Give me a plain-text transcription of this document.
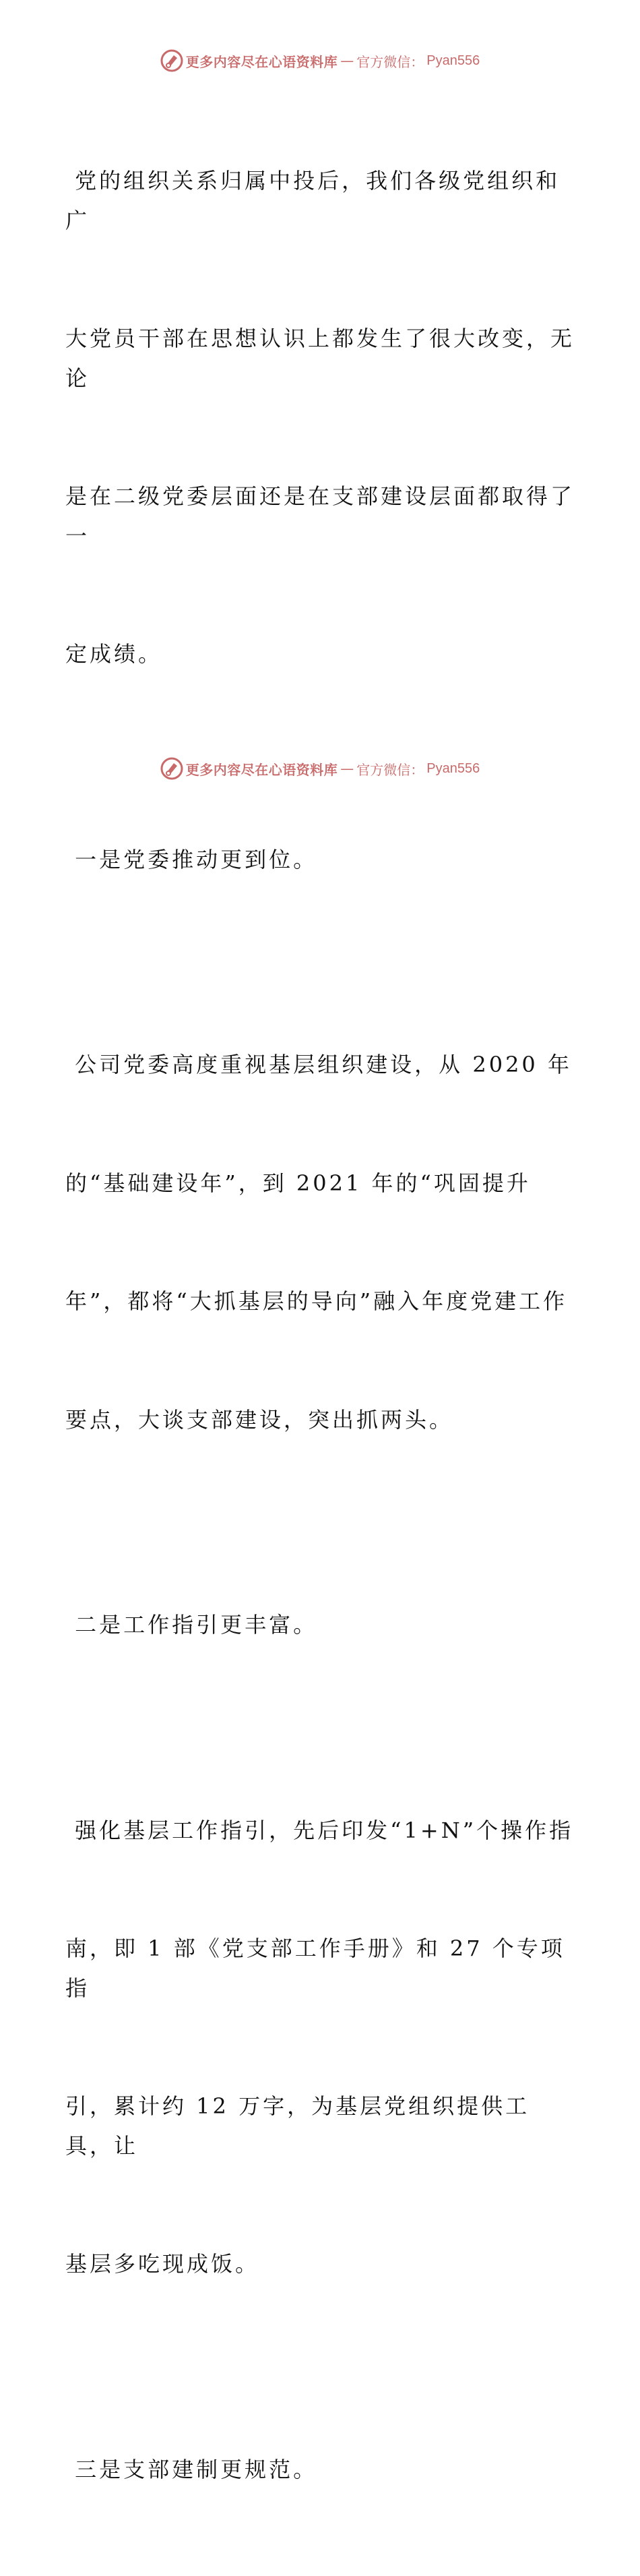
更多内容尽在心语资料库 — 官方微信： Pyan556

党的组织关系归属中投后，我们各级党组织和广

大党员干部在思想认识上都发生了很大改变，无论

是在二级党委层面还是在支部建设层面都取得了一

定成绩。

一是党委推动更到位。

公司党委高度重视基层组织建设，从 2020 年

的“基础建设年”，到 2021 年的“巩固提升

年”，都将“大抓基层的导向”融入年度党建工作

要点，大谈支部建设，突出抓两头。

二是工作指引更丰富。

强化基层工作指引，先后印发“1+N”个操作指

南，即 1 部《党支部工作手册》和 27 个专项指

引，累计约 12 万字，为基层党组织提供工具，让

基层多吃现成饭。

三是支部建制更规范。

更多内容尽在心语资料库 — 官方微信： Pyan556
